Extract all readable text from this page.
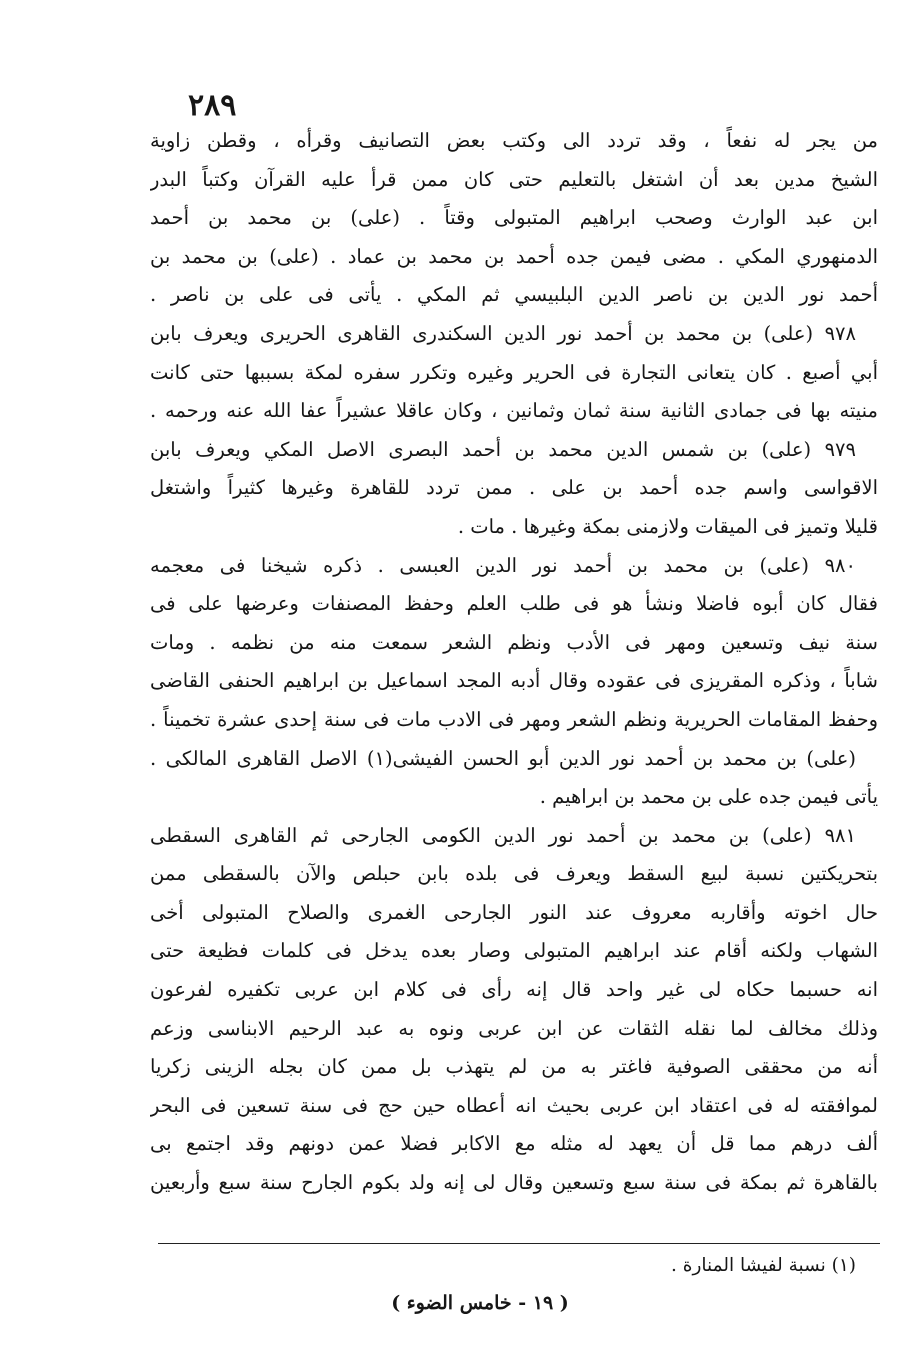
٢٨٩
من يجر له نفعاً ، وقد تردد الى وكتب بعض التصانيف وقرأه ، وقطن زاوية
الشيخ مدين بعد أن اشتغل بالتعليم حتى كان ممن قرأ عليه القرآن وكتباً البدر
ابن عبد الوارث وصحب ابراهيم المتبولى وقتاً . (على) بن محمد بن أحمد
الدمنهوري المكي . مضى فيمن جده أحمد بن محمد بن عماد . (على) بن محمد بن
أحمد نور الدين بن ناصر الدين البلبيسي ثم المكي . يأتى فى على بن ناصر .
٩٧٨ (على) بن محمد بن أحمد نور الدين السكندرى القاهرى الحريرى ويعرف بابن
أبي أصبع . كان يتعانى التجارة فى الحرير وغيره وتكرر سفره لمكة بسببها حتى كانت
منيته بها فى جمادى الثانية سنة ثمان وثمانين ، وكان عاقلا عشيراً عفا الله عنه ورحمه .
٩٧٩ (على) بن شمس الدين محمد بن أحمد البصرى الاصل المكي ويعرف بابن
الاقواسى واسم جده أحمد بن على . ممن تردد للقاهرة وغيرها كثيراً واشتغل
قليلا وتميز فى الميقات ولازمنى بمكة وغيرها . مات .
٩٨٠ (على) بن محمد بن أحمد نور الدين العبسى . ذكره شيخنا فى معجمه
فقال كان أبوه فاضلا ونشأ هو فى طلب العلم وحفظ المصنفات وعرضها على فى
سنة نيف وتسعين ومهر فى الأدب ونظم الشعر سمعت منه من نظمه . ومات
شاباً ، وذكره المقريزى فى عقوده وقال أدبه المجد اسماعيل بن ابراهيم الحنفى القاضى
وحفظ المقامات الحريرية ونظم الشعر ومهر فى الادب مات فى سنة إحدى عشرة تخميناً .
(على) بن محمد بن أحمد نور الدين أبو الحسن الفيشى(١) الاصل القاهرى المالكى .
يأتى فيمن جده على بن محمد بن ابراهيم .
٩٨١ (على) بن محمد بن أحمد نور الدين الكومى الجارحى ثم القاهرى السقطى
بتحريكتين نسبة لبيع السقط ويعرف فى بلده بابن حبلص والآن بالسقطى ممن
حال اخوته وأقاربه معروف عند النور الجارحى الغمرى والصلاح المتبولى أخى
الشهاب ولكنه أقام عند ابراهيم المتبولى وصار بعده يدخل فى كلمات فظيعة حتى
انه حسبما حكاه لى غير واحد قال إنه رأى فى كلام ابن عربى تكفيره لفرعون
وذلك مخالف لما نقله الثقات عن ابن عربى ونوه به عبد الرحيم الابناسى وزعم
أنه من محققى الصوفية فاغتر به من لم يتهذب بل ممن كان بجله الزينى زكريا
لموافقته له فى اعتقاد ابن عربى بحيث انه أعطاه حين حج فى سنة تسعين فى البحر
ألف درهم مما قل أن يعهد له مثله مع الاكابر فضلا عمن دونهم وقد اجتمع بى
بالقاهرة ثم بمكة فى سنة سبع وتسعين وقال لى إنه ولد بكوم الجارح سنة سبع وأربعين
(١) نسبة لفيشا المنارة .
( ١٩ - خامس الضوء )
